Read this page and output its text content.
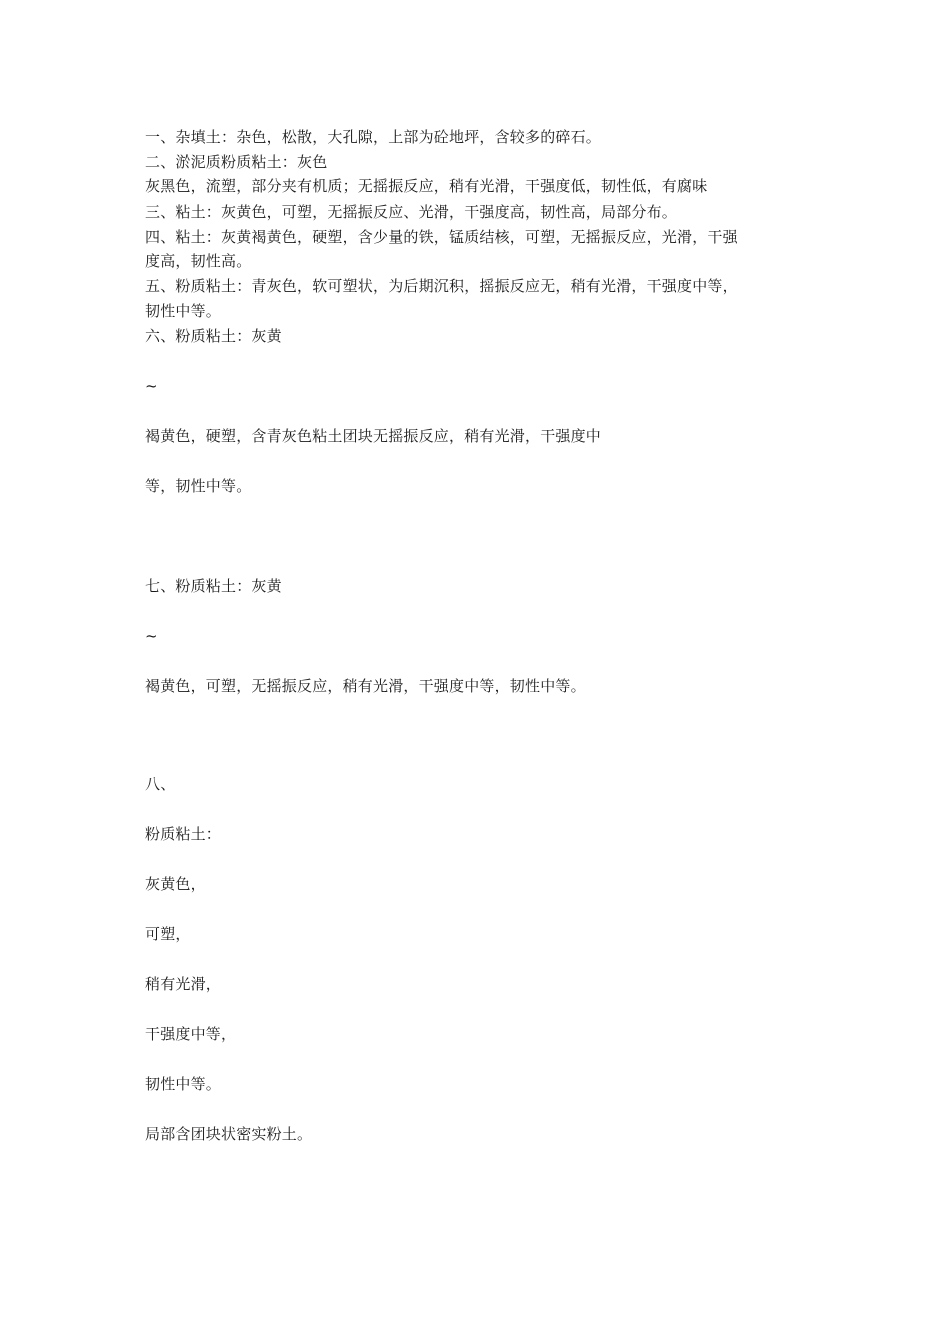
一、杂填土：杂色，松散，大孔隙，上部为砼地坪，含较多的碎石。
二、淤泥质粉质粘土：灰色
灰黑色，流塑，部分夹有机质；无摇振反应，稍有光滑，干强度低，韧性低，有腐味
三、粘土：灰黄色，可塑，无摇振反应、光滑，干强度高，韧性高，局部分布。
四、粘土：灰黄褐黄色，硬塑，含少量的铁，锰质结核，可塑，无摇振反应，光滑，干强
度高，韧性高。
五、粉质粘土：青灰色，软可塑状，为后期沉积，摇振反应无，稍有光滑，干强度中等，
韧性中等。
六、粉质粘土：灰黄
~
褐黄色，硬塑，含青灰色粘土团块无摇振反应，稍有光滑，干强度中
等，韧性中等。
七、粉质粘土：灰黄
~
褐黄色，可塑，无摇振反应，稍有光滑，干强度中等，韧性中等。
八、
粉质粘土：
灰黄色，
可塑，
稍有光滑，
干强度中等，
韧性中等。
局部含团块状密实粉土。
